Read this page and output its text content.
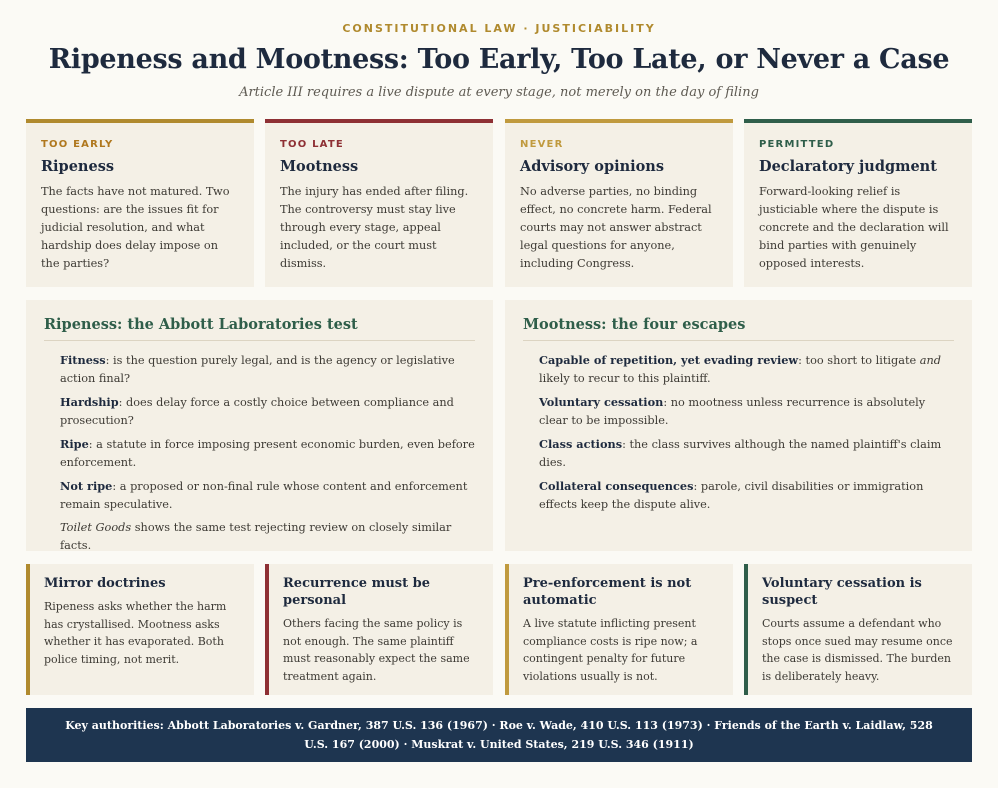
CONSTITUTIONAL LAW · JUSTICIABILITY
Ripeness and Mootness: Too Early, Too Late, or Never a Case
Article III requires a live dispute at every stage, not merely on the day of filing
TOO EARLY
Ripeness
The facts have not matured. Two questions: are the issues fit for judicial resolution, and what hardship does delay impose on the parties?
TOO LATE
Mootness
The injury has ended after filing. The controversy must stay live through every stage, appeal included, or the court must dismiss.
NEVER
Advisory opinions
No adverse parties, no binding effect, no concrete harm. Federal courts may not answer abstract legal questions for anyone, including Congress.
PERMITTED
Declaratory judgment
Forward-looking relief is justiciable where the dispute is concrete and the declaration will bind parties with genuinely opposed interests.
Ripeness: the Abbott Laboratories test
Fitness: is the question purely legal, and is the agency or legislative action final?
Hardship: does delay force a costly choice between compliance and prosecution?
Ripe: a statute in force imposing present economic burden, even before enforcement.
Not ripe: a proposed or non-final rule whose content and enforcement remain speculative.
Toilet Goods shows the same test rejecting review on closely similar facts.
Mootness: the four escapes
Capable of repetition, yet evading review: too short to litigate and likely to recur to this plaintiff.
Voluntary cessation: no mootness unless recurrence is absolutely clear to be impossible.
Class actions: the class survives although the named plaintiff's claim dies.
Collateral consequences: parole, civil disabilities or immigration effects keep the dispute alive.
Mirror doctrines
Ripeness asks whether the harm has crystallised. Mootness asks whether it has evaporated. Both police timing, not merit.
Recurrence must be personal
Others facing the same policy is not enough. The same plaintiff must reasonably expect the same treatment again.
Pre-enforcement is not automatic
A live statute inflicting present compliance costs is ripe now; a contingent penalty for future violations usually is not.
Voluntary cessation is suspect
Courts assume a defendant who stops once sued may resume once the case is dismissed. The burden is deliberately heavy.
Key authorities: Abbott Laboratories v. Gardner, 387 U.S. 136 (1967) · Roe v. Wade, 410 U.S. 113 (1973) · Friends of the Earth v. Laidlaw, 528 U.S. 167 (2000) · Muskrat v. United States, 219 U.S. 346 (1911)
